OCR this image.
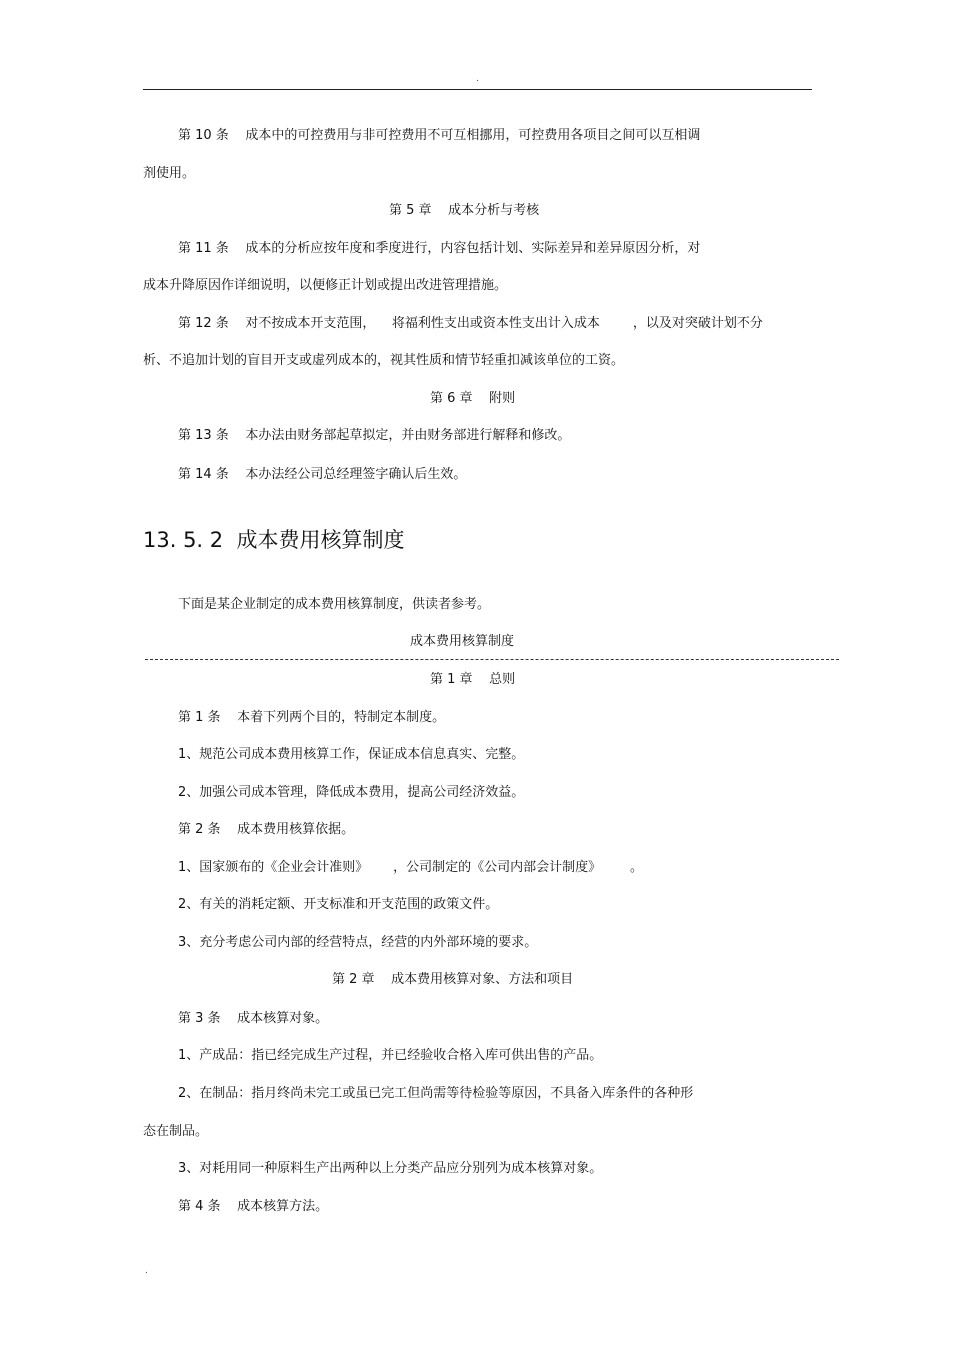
.
第 10 条    成本中的可控费用与非可控费用不可互相挪用，可控费用各项目之间可以互相调
剂使用。
第 5 章    成本分析与考核
第 11 条    成本的分析应按年度和季度进行，内容包括计划、实际差异和差异原因分析，对
成本升降原因作详细说明，以便修正计划或提出改进管理措施。
第 12 条    对不按成本开支范围，    将福利性支出或资本性支出计入成本        ，以及对突破计划不分
析、不追加计划的盲目开支或虚列成本的，视其性质和情节轻重扣减该单位的工资。
第 6 章    附则
第 13 条    本办法由财务部起草拟定，并由财务部进行解释和修改。
第 14 条    本办法经公司总经理签字确认后生效。
13. 5. 2  成本费用核算制度
下面是某企业制定的成本费用核算制度，供读者参考。
成本费用核算制度
第 1 章    总则
第 1 条    本着下列两个目的，特制定本制度。
1、规范公司成本费用核算工作，保证成本信息真实、完整。
2、加强公司成本管理，降低成本费用，提高公司经济效益。
第 2 条    成本费用核算依据。
1、国家颁布的《企业会计准则》      ，公司制定的《公司内部会计制度》       。
2、有关的消耗定额、开支标准和开支范围的政策文件。
3、充分考虑公司内部的经营特点，经营的内外部环境的要求。
第 2 章    成本费用核算对象、方法和项目
第 3 条    成本核算对象。
1、产成品：指已经完成生产过程，并已经验收合格入库可供出售的产品。
2、在制品：指月终尚未完工或虽已完工但尚需等待检验等原因，不具备入库条件的各种形
态在制品。
3、对耗用同一种原料生产出两种以上分类产品应分别列为成本核算对象。
第 4 条    成本核算方法。
.
